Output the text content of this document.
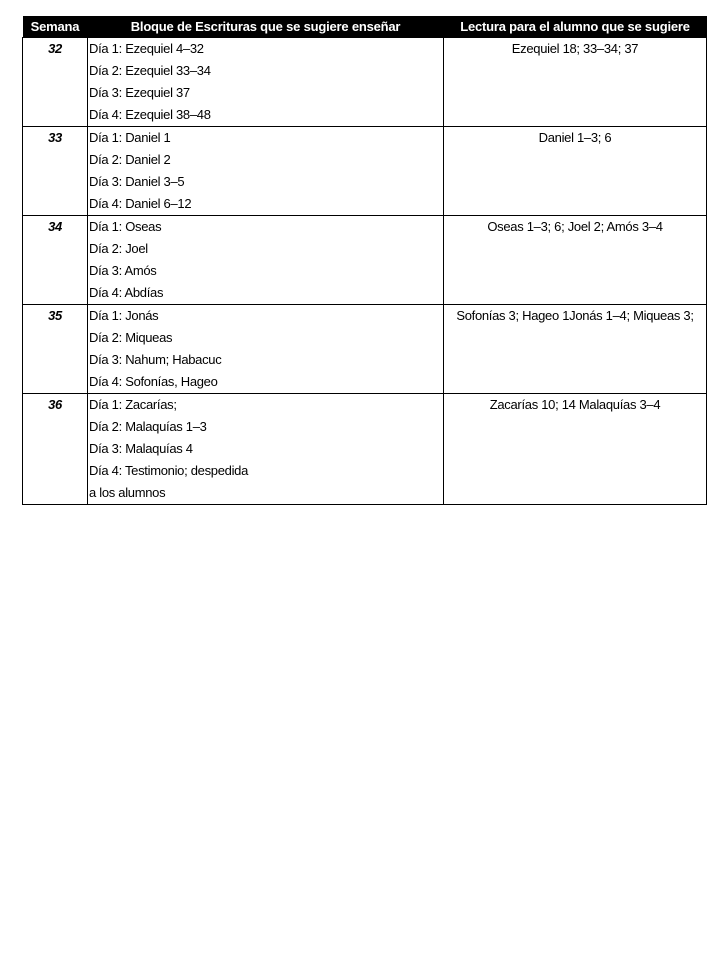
Semana	Bloque de Escrituras que se sugiere enseñar	Lectura para el alumno que se sugiere
32	Día 1: Ezequiel 4–32
Día 2: Ezequiel 33–34
Día 3: Ezequiel 37
Día 4: Ezequiel 38–48	Ezequiel 18; 33–34; 37
33	Día 1: Daniel 1
Día 2: Daniel 2
Día 3: Daniel 3–5
Día 4: Daniel 6–12	Daniel 1–3; 6
34	Día 1: Oseas
Día 2: Joel
Día 3: Amós
Día 4: Abdías	Oseas 1–3; 6; Joel 2; Amós 3–4
35	Día 1: Jonás
Día 2: Miqueas
Día 3: Nahum; Habacuc
Día 4: Sofonías, Hageo	Sofonías 3; Hageo 1Jonás 1–4; Miqueas 3;
36	Día 1: Zacarías;
Día 2: Malaquías 1–3
Día 3: Malaquías 4
Día 4: Testimonio; despedida
a los alumnos	Zacarías 10; 14 Malaquías 3–4
